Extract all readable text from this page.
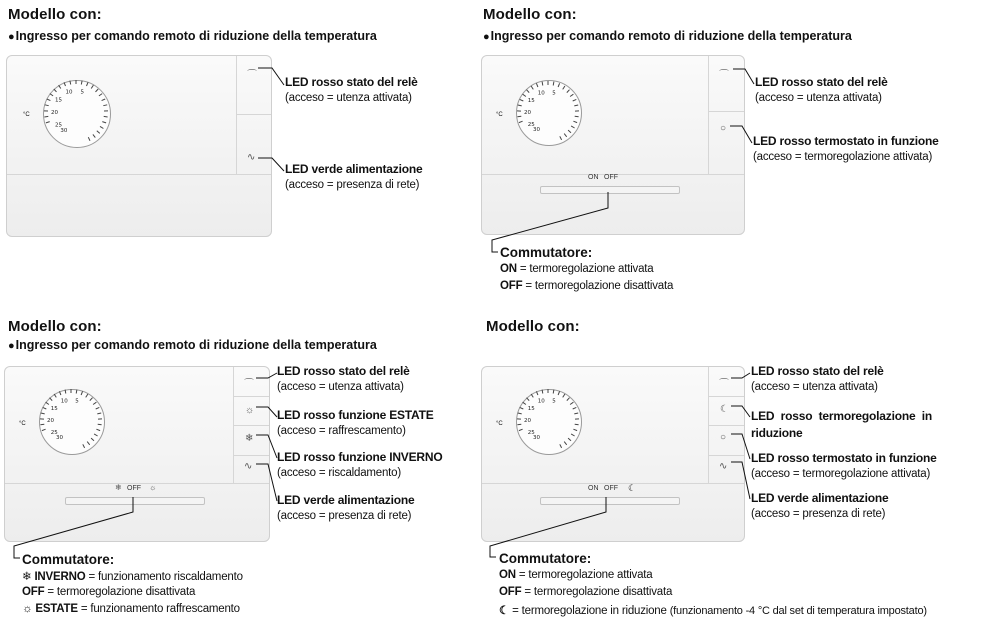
Modello con:
●Ingresso per comando remoto di riduzione della temperatura
⌒
∿
°C
LED rosso stato del relè
(acceso = utenza attivata)
LED verde alimentazione
(acceso = presenza di rete)
Modello con:
●Ingresso per comando remoto di riduzione della temperatura
⌒
○
°C
ON OFF
LED rosso stato del relè
(acceso = utenza attivata)
LED rosso termostato in funzione
(acceso = termoregolazione attivata)
Commutatore:
ON = termoregolazione attivata
OFF = termoregolazione disattivata
Modello con:
●Ingresso per comando remoto di riduzione della temperatura
⌒
☼
❄
∿
°C
❄ OFF ☼
LED rosso stato del relè
(acceso = utenza attivata)
LED rosso funzione ESTATE
(acceso = raffrescamento)
LED rosso funzione INVERNO
(acceso = riscaldamento)
LED verde alimentazione
(acceso = presenza di rete)
Commutatore:
❄ INVERNO = funzionamento riscaldamento
OFF = termoregolazione disattivata
☼ ESTATE = funzionamento raffrescamento
Modello con:
⌒
☾
○
∿
°C
ON OFF ☾
LED rosso stato del relè
(acceso = utenza attivata)
LED  rosso  termoregolazione  in
riduzione
LED rosso termostato in funzione
(acceso = termoregolazione attivata)
LED verde alimentazione
(acceso = presenza di rete)
Commutatore:
ON = termoregolazione attivata
OFF = termoregolazione disattivata
☾ = termoregolazione in riduzione (funzionamento -4 °C dal set di temperatura impostato)
20
15
10 5
30
25
20
15
10 5
30
25
20
15
10 5
30
25
20
15
10 5
30
25
